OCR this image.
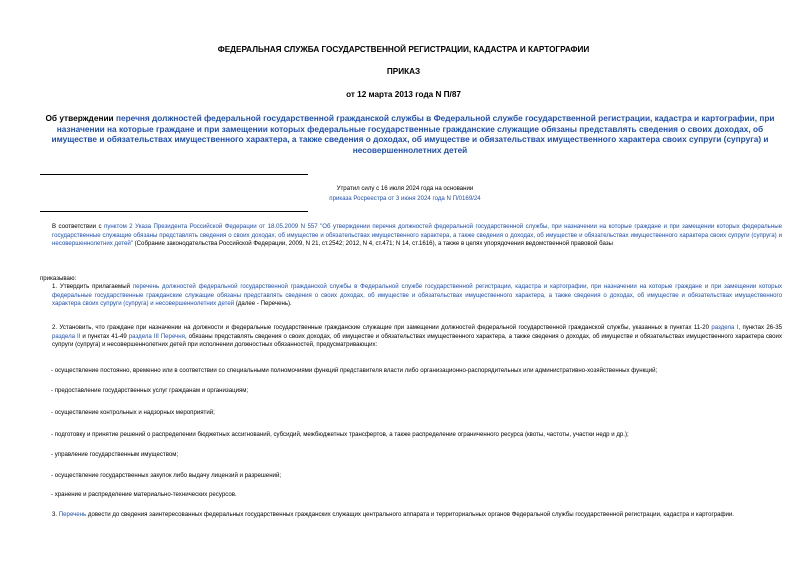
ФЕДЕРАЛЬНАЯ СЛУЖБА ГОСУДАРСТВЕННОЙ РЕГИСТРАЦИИ, КАДАСТРА И КАРТОГРАФИИ
ПРИКАЗ
от 12 марта 2013 года N П/87
Об утверждении перечня должностей федеральной государственной гражданской службы в Федеральной службе государственной регистрации, кадастра и картографии, при назначении на которые граждане и при замещении которых федеральные государственные гражданские служащие обязаны представлять сведения о своих доходах, об имуществе и обязательствах имущественного характера, а также сведения о доходах, об имуществе и обязательствах имущественного характера своих супруги (супруга) и несовершеннолетних детей
Утратил силу с 16 июля 2024 года на основании
приказа Росреестра от 3 июня 2024 года N П/0169/24
В соответствии с пунктом 2 Указа Президента Российской Федерации от 18.05.2009 N 557 "Об утверждении перечня должностей федеральной государственной службы, при назначении на которые граждане и при замещении которых федеральные государственные служащие обязаны представлять сведения о своих доходах, об имуществе и обязательствах имущественного характера, а также сведения о доходах, об имуществе и обязательствах имущественного характера своих супруги (супруга) и несовершеннолетних детей" (Собрание законодательства Российской Федерации, 2009, N 21, ст.2542; 2012, N 4, ст.471; N 14, ст.1616), а также в целях упорядочения ведомственной правовой базы
приказываю:
1. Утвердить прилагаемый перечень должностей федеральной государственной гражданской службы в Федеральной службе государственной регистрации, кадастра и картографии, при назначении на которые граждане и при замещении которых федеральные государственные гражданские служащие обязаны представлять сведения о своих доходах, об имуществе и обязательствах имущественного характера, а также сведения о доходах, об имуществе и обязательствах имущественного характера своих супруги (супруга) и несовершеннолетних детей (далее - Перечень).
2. Установить, что граждане при назначении на должности и федеральные государственные гражданские служащие при замещении должностей федеральной государственной гражданской службы, указанных в пунктах 11-20 раздела I, пунктах 26-35 раздела II и пунктах 41-49 раздела III Перечня, обязаны представлять сведения о своих доходах, об имуществе и обязательствах имущественного характера, а также сведения о доходах, об имуществе и обязательствах имущественного характера своих супруги (супруга) и несовершеннолетних детей при исполнении должностных обязанностей, предусматривающих:
- осуществление постоянно, временно или в соответствии со специальными полномочиями функций представителя власти либо организационно-распорядительных или административно-хозяйственных функций;
- предоставление государственных услуг гражданам и организациям;
- осуществление контрольных и надзорных мероприятий;
- подготовку и принятие решений о распределении бюджетных ассигнований, субсидий, межбюджетных трансфертов, а также распределение ограниченного ресурса (квоты, частоты, участки недр и др.);
- управление государственным имуществом;
- осуществление государственных закупок либо выдачу лицензий и разрешений;
- хранение и распределение материально-технических ресурсов.
3. Перечень довести до сведения заинтересованных федеральных государственных гражданских служащих центрального аппарата и территориальных органов Федеральной службы государственной регистрации, кадастра и картографии.
